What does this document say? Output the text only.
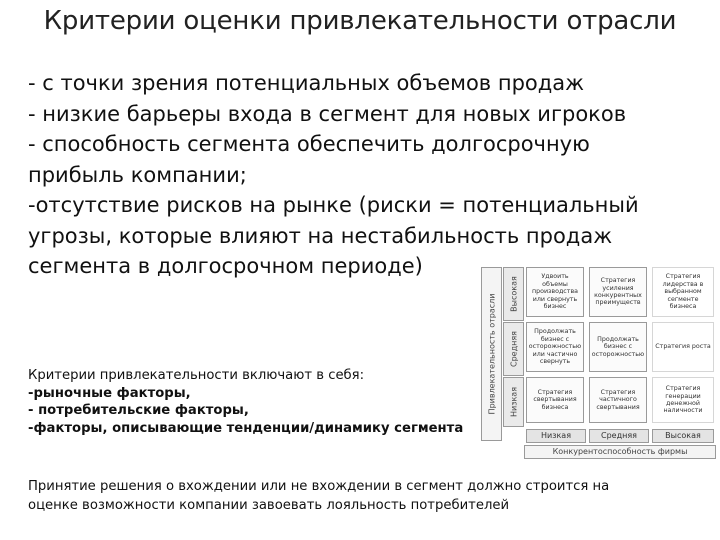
Критерии оценки привлекательности отрасли
- с точки зрения потенциальных объемов продаж
- низкие барьеры входа в сегмент для новых игроков
- способность сегмента обеспечить долгосрочную
прибыль компании;
-отсутствие рисков на рынке (риски = потенциальный
угрозы, которые влияют на нестабильность продаж
сегмента в долгосрочном периоде)
Критерии привлекательности включают в себя:
-рыночные факторы,
- потребительские факторы,
-факторы, описывающие тенденции/динамику сегмента
Принятие решения о вхождении или не вхождении в сегмент должно строится на
оценке возможности компании завоевать лояльность потребителей
Привлекательность отрасли Высокая
Средняя
Низкая
Удвоить объемы производства или свернуть бизнес
Стратегия усиления конкурентных преимуществ
Стратегия лидерства в выбранном сегменте бизнеса
Продолжать бизнес с осторожностью или частично свернуть
Продолжать бизнес с осторожностью
Стратегия роста
Стратегия свертывания бизнеса
Стратегия частичного свертывания
Стратегия генерации денежной наличности
Низкая	Средняя	Высокая
Конкурентоспособность фирмы
